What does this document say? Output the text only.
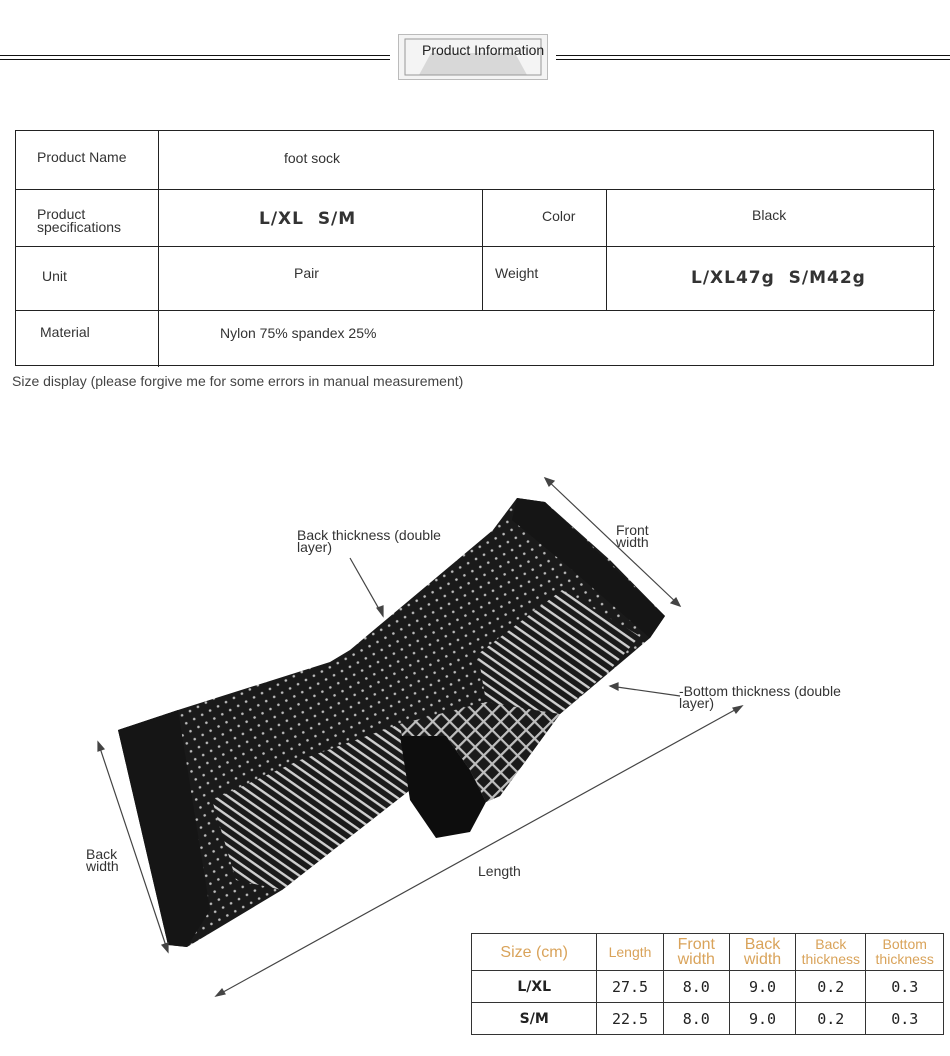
Product Information
Product Name	foot sock
Product specifications	L/XL  S/M	Color	Black
Unit	Pair	Weight	L/XL47g  S/M42g
Material	Nylon 75% spandex 25%
Size display (please forgive me for some errors in manual measurement)
Back thickness (double layer)
Front width
-Bottom thickness (double layer)
Back width	Length
Size (cm)	Length	Front width	Back width	Back thickness	Bottom thickness
L/XL	27.5	8.0	9.0	0.2	0.3
S/M	22.5	8.0	9.0	0.2	0.3
